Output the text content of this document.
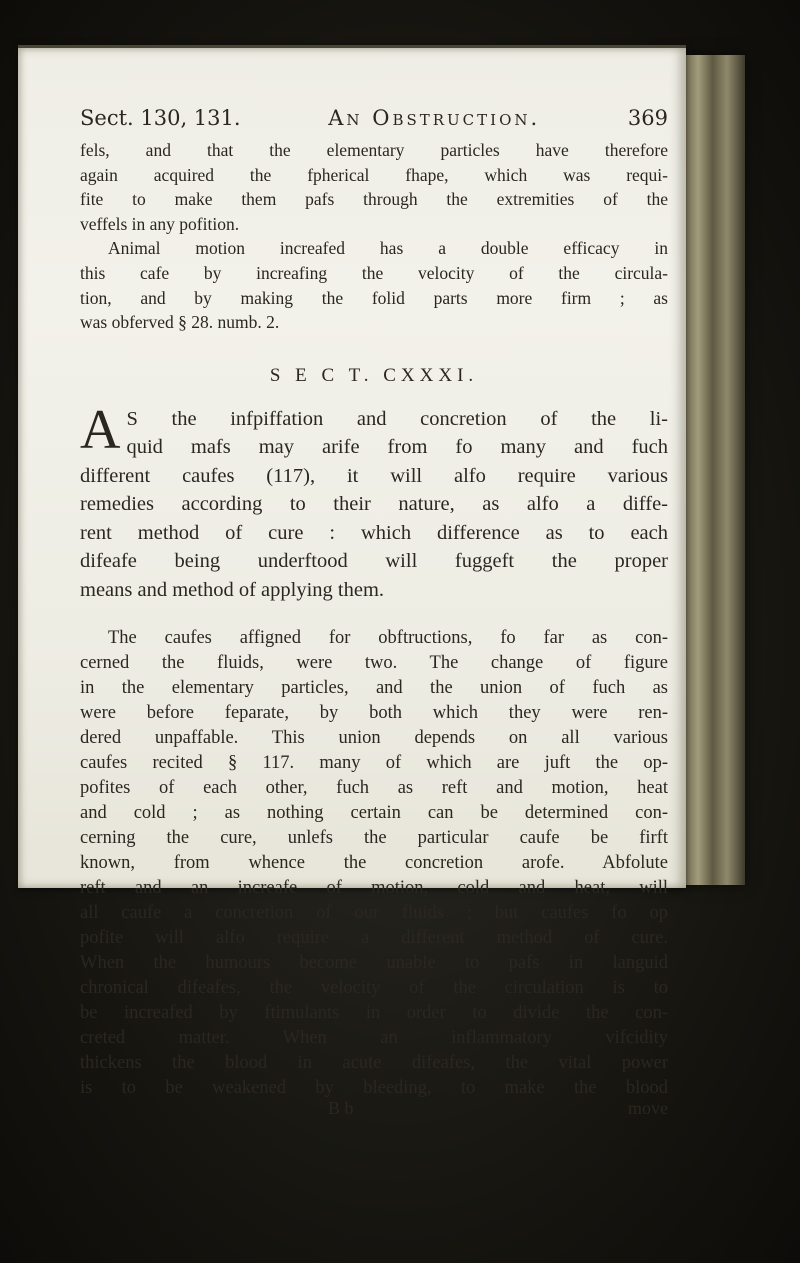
Sect. 130, 131.	An Obstruction.	369
fels, and that the elementary particles have therefore
again acquired the fpherical fhape, which was requi-
fite to make them pafs through the extremities of the
veffels in any pofition.
Animal motion increafed has a double efficacy in
this cafe by increafing the velocity of the circula-
tion, and by making the folid parts more firm ; as
was obferved § 28. numb. 2.
S E C T. CXXXI.
A S the infpiffation and concretion of the li-
quid mafs may arife from fo many and fuch
different caufes (117), it will alfo require various
remedies according to their nature, as alfo a diffe-
rent method of cure : which difference as to each
difeafe being underftood will fuggeft the proper
means and method of applying them.
The caufes affigned for obftructions, fo far as con-
cerned the fluids, were two. The change of figure
in the elementary particles, and the union of fuch as
were before feparate, by both which they were ren-
dered unpaffable. This union depends on all various
caufes recited § 117. many of which are juft the op-
pofites of each other, fuch as reft and motion, heat
and cold ; as nothing certain can be determined con-
cerning the cure, unlefs the particular caufe be firft
known, from whence the concretion arofe. Abfolute
reft and an increafe of motion, cold and heat, will
all caufe a concretion of our fluids ; but caufes fo op
pofite will alfo require a different method of cure.
When the humours become unable to pafs in languid
chronical difeafes, the velocity of the circulation is to
be increafed by ftimulants in order to divide the con-
creted matter. When an inflammatory vifcidity
thickens the blood in acute difeafes, the vital power
is to be weakened by bleeding, to make the blood
B b	move
